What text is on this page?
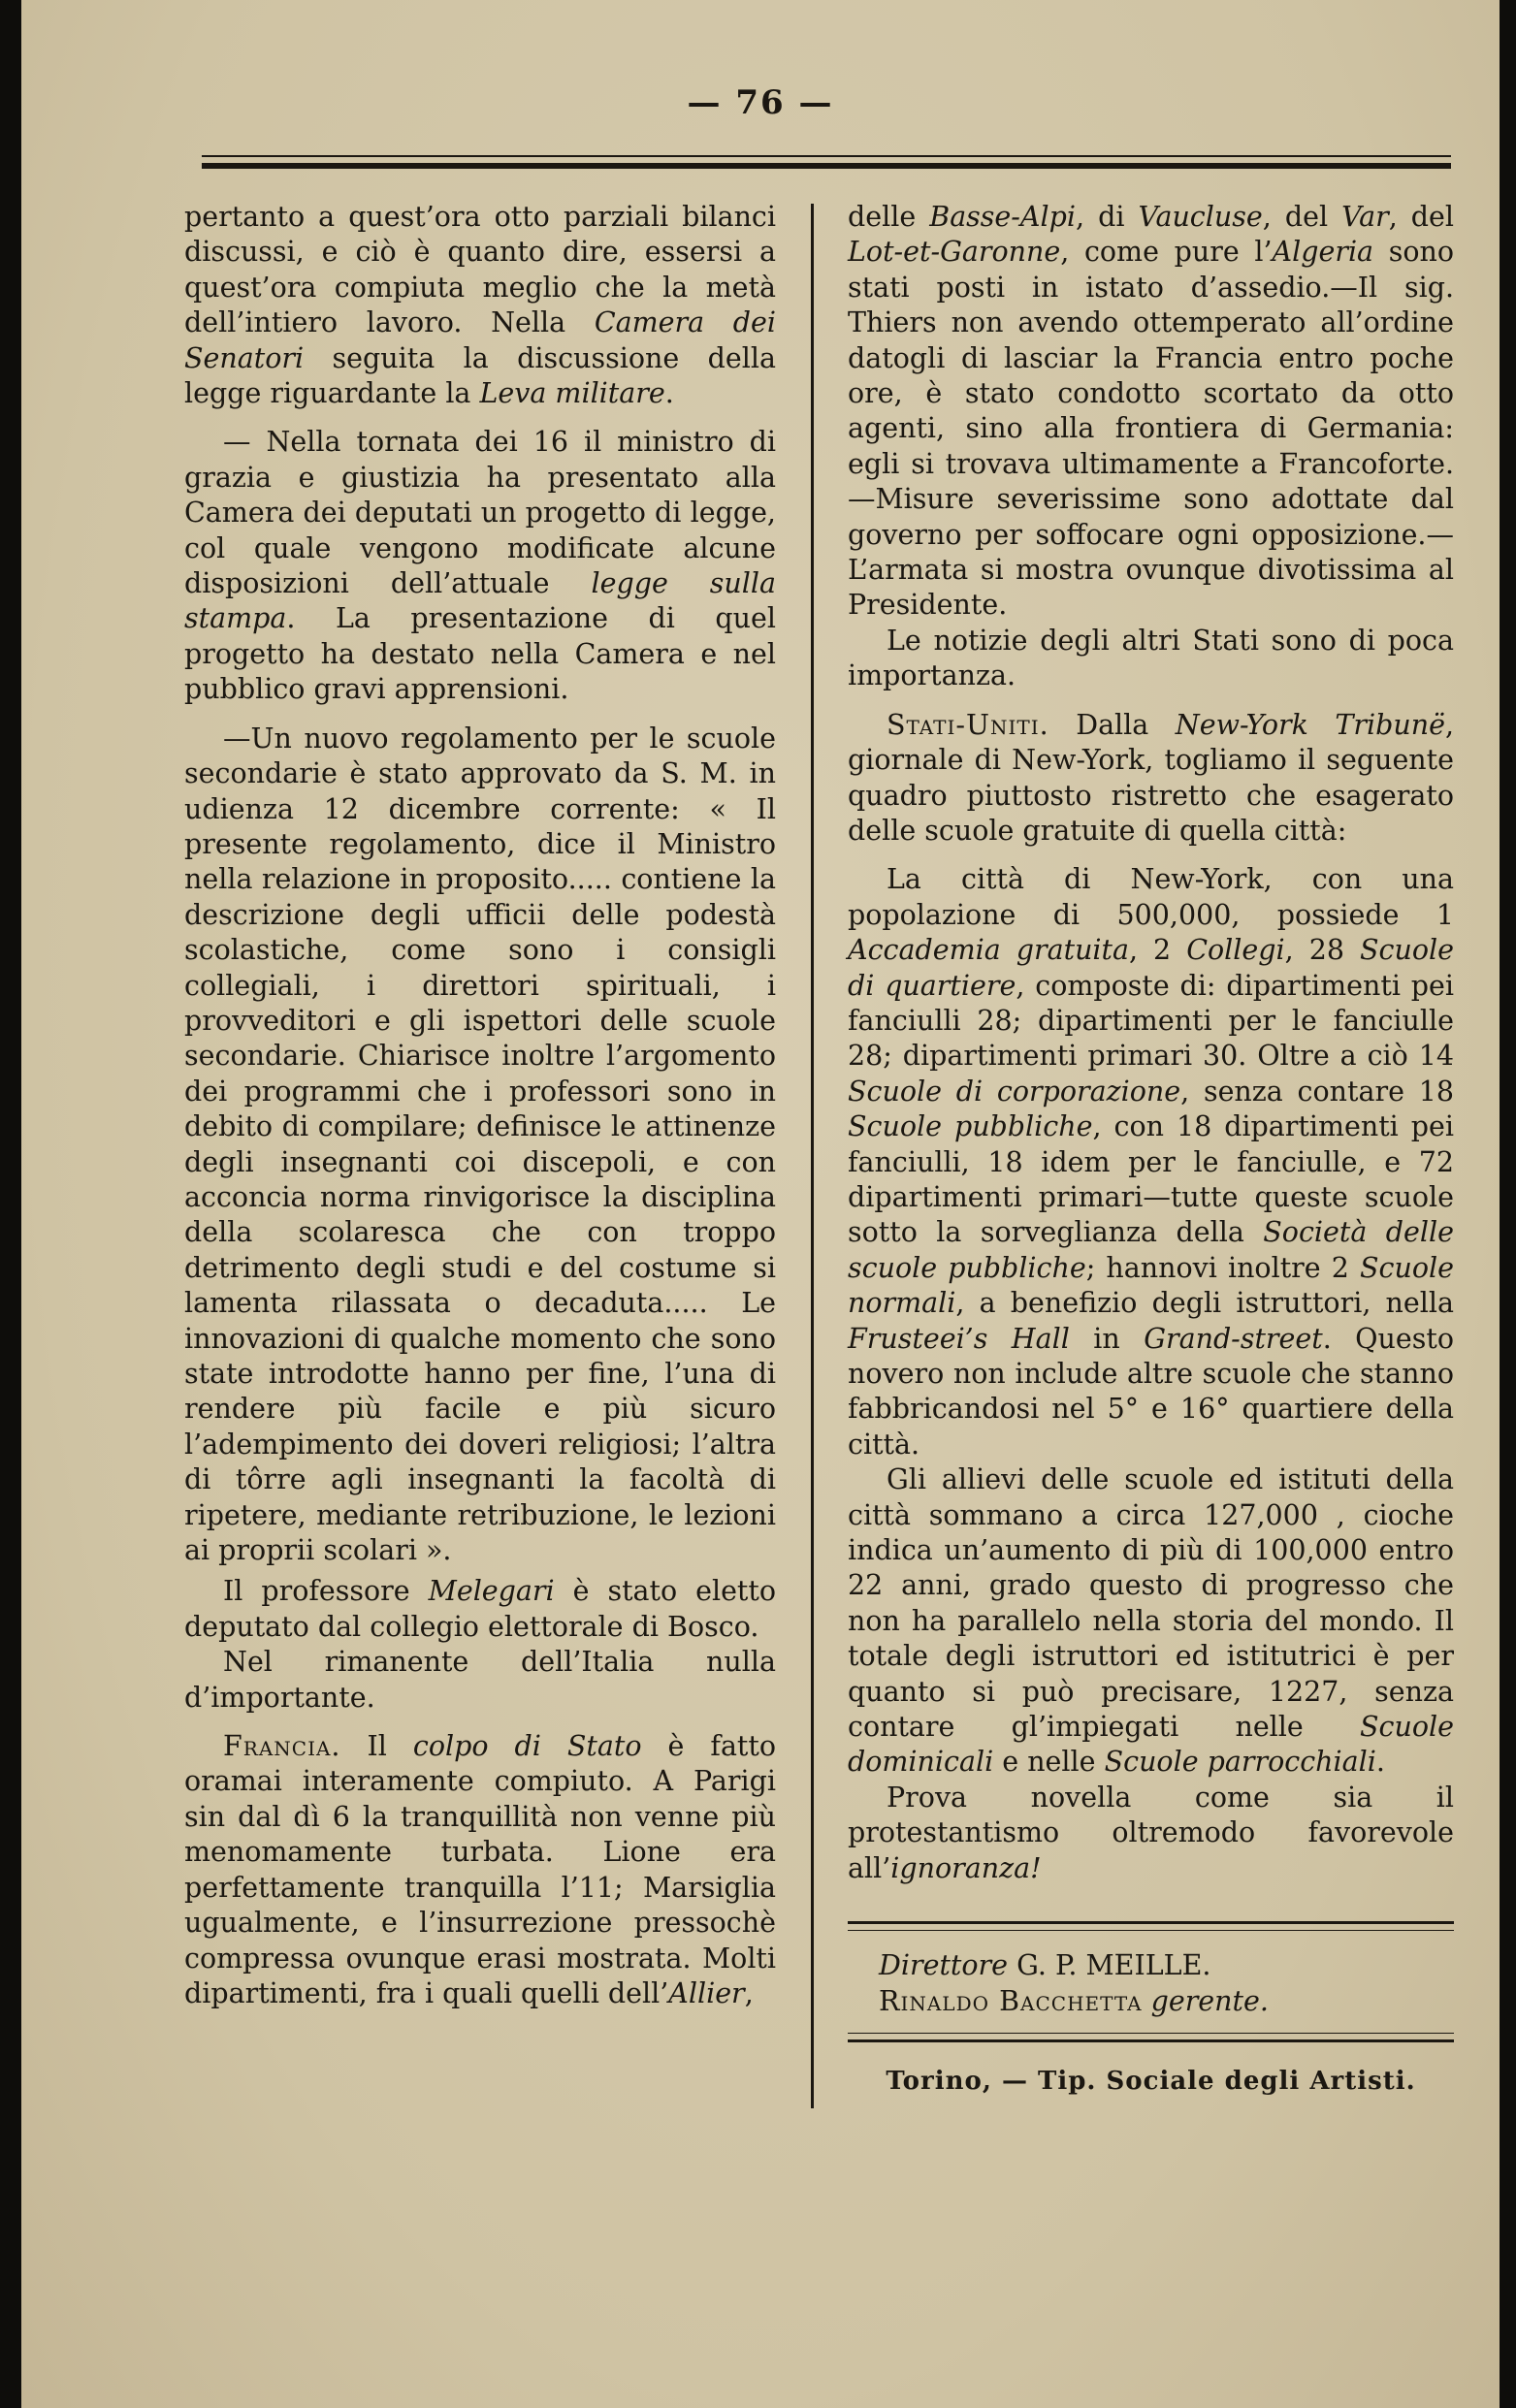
— 76 —

pertanto a quest’ora otto parziali bilanci discussi, e ciò è quanto dire, essersi a quest’ora compiuta meglio che la metà dell’intiero lavoro. Nella Camera dei Senatori seguita la discussione della legge riguardante la Leva militare.

— Nella tornata dei 16 il ministro di grazia e giustizia ha presentato alla Camera dei deputati un progetto di legge, col quale vengono modificate alcune disposizioni dell’attuale legge sulla stampa. La presentazione di quel progetto ha destato nella Camera e nel pubblico gravi apprensioni.

—Un nuovo regolamento per le scuole secondarie è stato approvato da S. M. in udienza 12 dicembre corrente: « Il presente regolamento, dice il Ministro nella relazione in proposito..... contiene la descrizione degli ufficii delle podestà scolastiche, come sono i consigli collegiali, i direttori spirituali, i provveditori e gli ispettori delle scuole secondarie. Chiarisce inoltre l’argomento dei programmi che i professori sono in debito di compilare; definisce le attinenze degli insegnanti coi discepoli, e con acconcia norma rinvigorisce la disciplina della scolaresca che con troppo detrimento degli studi e del costume si lamenta rilassata o decaduta..... Le innovazioni di qualche momento che sono state introdotte hanno per fine, l’una di rendere più facile e più sicuro l’adempimento dei doveri religiosi; l’altra di tôrre agli insegnanti la facoltà di ripetere, mediante retribuzione, le lezioni ai proprii scolari ».

Il professore Melegari è stato eletto deputato dal collegio elettorale di Bosco.

Nel rimanente dell’Italia nulla d’importante.

Francia. Il colpo di Stato è fatto oramai interamente compiuto. A Parigi sin dal dì 6 la tranquillità non venne più menomamente turbata. Lione era perfettamente tranquilla l’11; Marsiglia ugualmente, e l’insurrezione pressochè compressa ovunque erasi mostrata. Molti dipartimenti, fra i quali quelli dell’Allier,

delle Basse-Alpi, di Vaucluse, del Var, del Lot-et-Garonne, come pure l’Algeria sono stati posti in istato d’assedio.—Il sig. Thiers non avendo ottemperato all’ordine datogli di lasciar la Francia entro poche ore, è stato condotto scortato da otto agenti, sino alla frontiera di Germania: egli si trovava ultimamente a Francoforte.—Misure severissime sono adottate dal governo per soffocare ogni opposizione.—L’armata si mostra ovunque divotissima al Presidente.

Le notizie degli altri Stati sono di poca importanza.

Stati-Uniti. Dalla New-York Tribunë, giornale di New-York, togliamo il seguente quadro piuttosto ristretto che esagerato delle scuole gratuite di quella città:

La città di New-York, con una popolazione di 500,000, possiede 1 Accademia gratuita, 2 Collegi, 28 Scuole di quartiere, composte di: dipartimenti pei fanciulli 28; dipartimenti per le fanciulle 28; dipartimenti primari 30. Oltre a ciò 14 Scuole di corporazione, senza contare 18 Scuole pubbliche, con 18 dipartimenti pei fanciulli, 18 idem per le fanciulle, e 72 dipartimenti primari—tutte queste scuole sotto la sorveglianza della Società delle scuole pubbliche; hannovi inoltre 2 Scuole normali, a benefizio degli istruttori, nella Frusteei’s Hall in Grand-street. Questo novero non include altre scuole che stanno fabbricandosi nel 5° e 16° quartiere della città.

Gli allievi delle scuole ed istituti della città sommano a circa 127,000 , cioche indica un’aumento di più di 100,000 entro 22 anni, grado questo di progresso che non ha parallelo nella storia del mondo. Il totale degli istruttori ed istitutrici è per quanto si può precisare, 1227, senza contare gl’impiegati nelle Scuole dominicali e nelle Scuole parrocchiali.

Prova novella come sia il protestantismo oltremodo favorevole all’ignoranza!

Direttore G. P. MEILLE.

Rinaldo Bacchetta gerente.

Torino, — Tip. Sociale degli Artisti.
